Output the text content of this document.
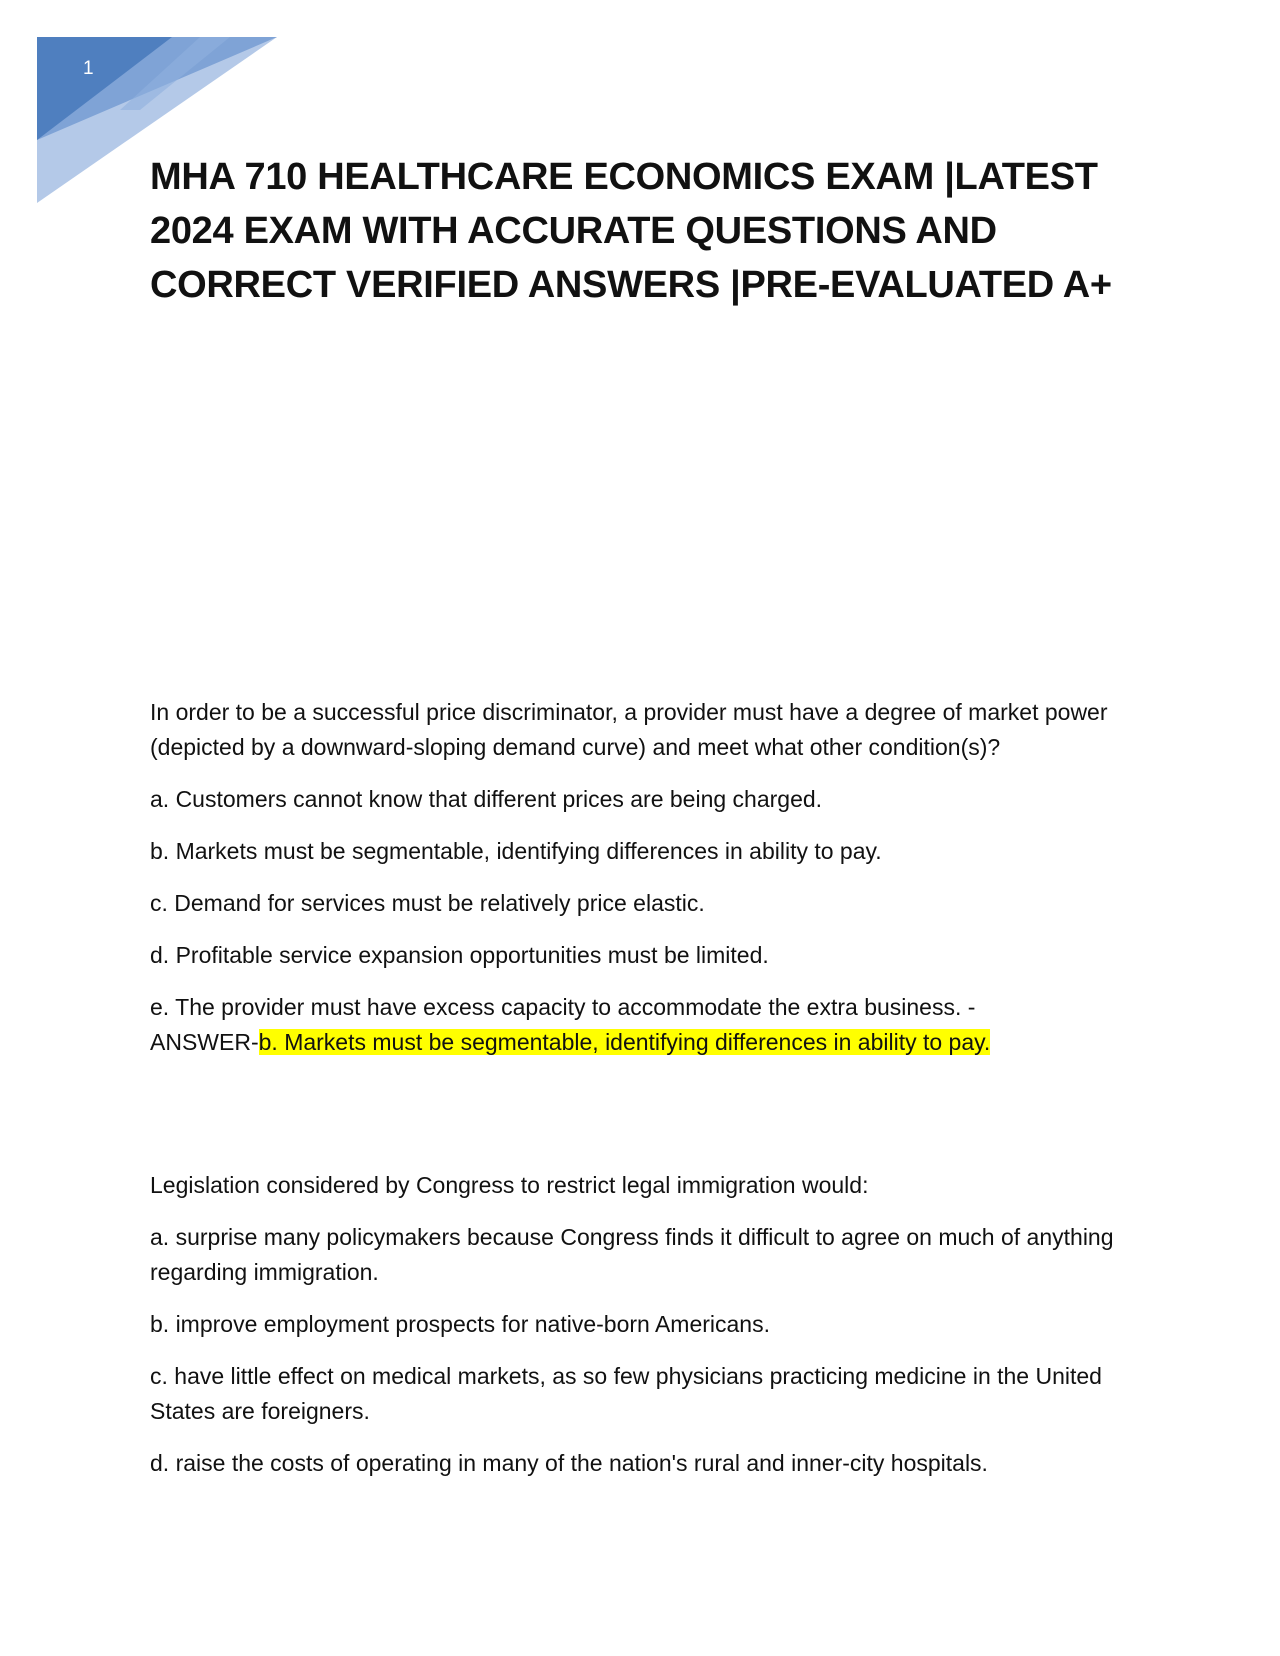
1
MHA 710 HEALTHCARE ECONOMICS EXAM |LATEST 2024 EXAM WITH ACCURATE QUESTIONS AND CORRECT VERIFIED ANSWERS |PRE-EVALUATED A+

In order to be a successful price discriminator, a provider must have a degree of market power (depicted by a downward-sloping demand curve) and meet what other condition(s)?

a. Customers cannot know that different prices are being charged.

b. Markets must be segmentable, identifying differences in ability to pay.

c. Demand for services must be relatively price elastic.

d. Profitable service expansion opportunities must be limited.

e. The provider must have excess capacity to accommodate the extra business. -
ANSWER-b. Markets must be segmentable, identifying differences in ability to pay.

Legislation considered by Congress to restrict legal immigration would:

a. surprise many policymakers because Congress finds it difficult to agree on much of anything regarding immigration.

b. improve employment prospects for native-born Americans.

c. have little effect on medical markets, as so few physicians practicing medicine in the United States are foreigners.

d. raise the costs of operating in many of the nation's rural and inner-city hospitals.
